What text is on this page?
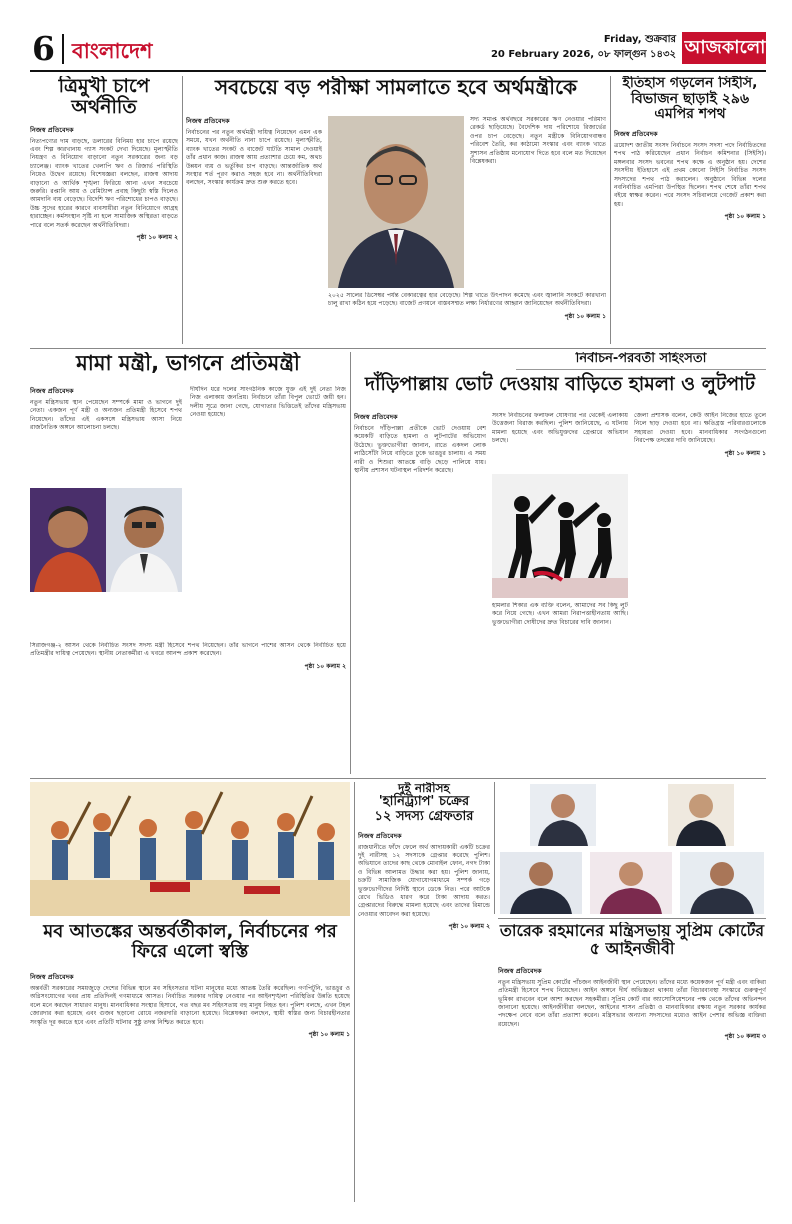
6 বাংলাদেশ	Friday, শুক্রবার
20 February 2026, ০৮ ফাল্গুন ১৪৩২ আজকালো
ত্রিমুখী চাপে অর্থনীতি
নিজস্ব প্রতিবেদক
নিত্যপণ্যের দাম বাড়ছে, ডলারের বিনিময় হার চাপে রয়েছে এবং শিল্প কারখানায় গ্যাস সংকট দেখা দিয়েছে। মূল্যস্ফীতি নিয়ন্ত্রণ ও বিনিয়োগ বাড়ানো নতুন সরকারের জন্য বড় চ্যালেঞ্জ। ব্যাংক খাতের খেলাপি ঋণ ও রিজার্ভ পরিস্থিতি নিয়েও উদ্বেগ রয়েছে। বিশেষজ্ঞরা বলছেন, রাজস্ব আদায় বাড়ানো ও আর্থিক শৃঙ্খলা ফিরিয়ে আনা এখন সবচেয়ে জরুরি। রপ্তানি আয় ও রেমিট্যান্স প্রবাহ কিছুটা স্বস্তি দিলেও আমদানি ব্যয় বেড়েছে। বিদেশি ঋণ পরিশোধের চাপও বাড়ছে। উচ্চ সুদের হারের কারণে ব্যবসায়ীরা নতুন বিনিয়োগে আগ্রহ হারাচ্ছেন। কর্মসংস্থান সৃষ্টি না হলে সামাজিক অস্থিরতা বাড়তে পারে বলে সতর্ক করেছেন অর্থনীতিবিদরা।
পৃষ্ঠা ১০ কলাম ২
সবচেয়ে বড় পরীক্ষা সামলাতে হবে অর্থমন্ত্রীকে
নিজস্ব প্রতিবেদক
নির্বাচনের পর নতুন অর্থমন্ত্রী দায়িত্ব নিয়েছেন এমন এক সময়ে, যখন অর্থনীতি নানা চাপে রয়েছে। মূল্যস্ফীতি, ব্যাংক খাতের সংকট ও বাজেট ঘাটতি সামাল দেওয়াই তাঁর প্রধান কাজ। রাজস্ব আয় প্রত্যাশার চেয়ে কম, অথচ উন্নয়ন ব্যয় ও ভর্তুকির চাপ বাড়ছে। আন্তর্জাতিক অর্থ সংস্থার শর্ত পূরণ করাও সহজ হবে না। অর্থনীতিবিদরা বলছেন, সংস্কার কার্যক্রম দ্রুত শুরু করতে হবে।
সদ্য সমাপ্ত অর্থবছরে সরকারের ঋণ নেওয়ার পরিমাণ রেকর্ড ছাড়িয়েছে। বৈদেশিক দায় পরিশোধে রিজার্ভের ওপর চাপ বেড়েছে। নতুন মন্ত্রীকে বিনিয়োগবান্ধব পরিবেশ তৈরি, কর কাঠামো সংস্কার এবং ব্যাংক খাতে সুশাসন প্রতিষ্ঠায় মনোযোগ দিতে হবে বলে মত দিয়েছেন বিশ্লেষকরা।
২০২৫ সালের ডিসেম্বর পর্যন্ত বেকারত্বের হার বেড়েছে। শিল্প খাতে উৎপাদন কমেছে এবং জ্বালানি সংকটে কারখানা চালু রাখা কঠিন হয়ে পড়েছে। বাজেট প্রণয়নে বাস্তবসম্মত লক্ষ্য নির্ধারণের আহ্বান জানিয়েছেন অর্থনীতিবিদরা।
পৃষ্ঠা ১০ কলাম ১
ইতিহাস গড়লেন সিইসি, বিভাজন ছাড়াই ২৯৬ এমপির শপথ
নিজস্ব প্রতিবেদক
ত্রয়োদশ জাতীয় সংসদ নির্বাচনে সংসদ সদস্য পদে নির্বাচিতদের শপথ পাঠ করিয়েছেন প্রধান নির্বাচন কমিশনার (সিইসি)। মঙ্গলবার সংসদ ভবনের শপথ কক্ষে এ অনুষ্ঠান হয়। দেশের সংসদীয় ইতিহাসে এই প্রথম কোনো সিইসি নির্বাচিত সংসদ সদস্যদের শপথ পাঠ করালেন। অনুষ্ঠানে বিভিন্ন দলের নবনির্বাচিত এমপিরা উপস্থিত ছিলেন। শপথ শেষে তাঁরা শপথ বইয়ে স্বাক্ষর করেন। পরে সংসদ সচিবালয়ে গেজেট প্রকাশ করা হয়।
পৃষ্ঠা ১০ কলাম ১
মামা মন্ত্রী, ভাগনে প্রতিমন্ত্রী
নিজস্ব প্রতিবেদক
নতুন মন্ত্রিসভায় স্থান পেয়েছেন সম্পর্কে মামা ও ভাগনে দুই নেতা। একজন পূর্ণ মন্ত্রী ও অন্যজন প্রতিমন্ত্রী হিসেবে শপথ নিয়েছেন। তাঁদের এই একসঙ্গে মন্ত্রিসভায় আসা নিয়ে রাজনৈতিক অঙ্গনে আলোচনা চলছে।
দীর্ঘদিন ধরে দলের সাংগঠনিক কাজে যুক্ত এই দুই নেতা নিজ নিজ এলাকায় জনপ্রিয়। নির্বাচনে তাঁরা বিপুল ভোটে জয়ী হন। দলীয় সূত্রে জানা গেছে, যোগ্যতার ভিত্তিতেই তাঁদের মন্ত্রিসভায় নেওয়া হয়েছে।
সিরাজগঞ্জ-২ আসন থেকে নির্বাচিত সংসদ সদস্য মন্ত্রী হিসেবে শপথ নিয়েছেন। তাঁর ভাগনে পাশের আসন থেকে নির্বাচিত হয়ে প্রতিমন্ত্রীর দায়িত্ব পেয়েছেন। স্থানীয় নেতাকর্মীরা এ খবরে আনন্দ প্রকাশ করেছেন।
পৃষ্ঠা ১০ কলাম ২
নির্বাচন-পরবর্তী সহিংসতা
দাঁড়িপাল্লায় ভোট দেওয়ায় বাড়িতে হামলা ও লুটপাট
নিজস্ব প্রতিবেদক
নির্বাচনে দাঁড়িপাল্লা প্রতীকে ভোট দেওয়ায় বেশ কয়েকটি বাড়িতে হামলা ও লুটপাটের অভিযোগ উঠেছে। ভুক্তভোগীরা জানান, রাতে একদল লোক লাঠিসোঁটা নিয়ে বাড়িতে ঢুকে ভাঙচুর চালায়। এ সময় নারী ও শিশুরা আতঙ্কে বাড়ি ছেড়ে পালিয়ে যায়। স্থানীয় প্রশাসন ঘটনাস্থল পরিদর্শন করেছে।
সংসদ নির্বাচনের ফলাফল ঘোষণার পর থেকেই এলাকায় উত্তেজনা বিরাজ করছিল। পুলিশ জানিয়েছে, এ ঘটনায় মামলা হয়েছে এবং অভিযুক্তদের গ্রেপ্তারে অভিযান চলছে।
হামলার শিকার এক ব্যক্তি বলেন, আমাদের সব কিছু লুট করে নিয়ে গেছে। এখন আমরা নিরাপত্তাহীনতায় আছি। ভুক্তভোগীরা দোষীদের দ্রুত বিচারের দাবি জানান।
জেলা প্রশাসক বলেন, কেউ আইন নিজের হাতে তুলে নিলে ছাড় দেওয়া হবে না। ক্ষতিগ্রস্ত পরিবারগুলোকে সহায়তা দেওয়া হবে। মানবাধিকার সংগঠনগুলো নিরপেক্ষ তদন্তের দাবি জানিয়েছে।
পৃষ্ঠা ১০ কলাম ১
মব আতঙ্কের অন্তর্বর্তীকাল, নির্বাচনের পর ফিরে এলো স্বস্তি
নিজস্ব প্রতিবেদক
অন্তর্বর্তী সরকারের সময়জুড়ে দেশের বিভিন্ন স্থানে মব সহিংসতার ঘটনা মানুষের মধ্যে আতঙ্ক তৈরি করেছিল। গণপিটুনি, ভাঙচুর ও অগ্নিসংযোগের খবর প্রায় প্রতিদিনই গণমাধ্যমে আসত। নির্বাচিত সরকার দায়িত্ব নেওয়ার পর আইনশৃঙ্খলা পরিস্থিতির উন্নতি হয়েছে বলে মনে করছেন সাধারণ মানুষ। মানবাধিকার সংস্থার হিসাবে, গত বছর মব সহিংসতায় বহু মানুষ নিহত হন। পুলিশ বলছে, এখন টহল জোরদার করা হয়েছে এবং গুজব ছড়ানো রোধে নজরদারি বাড়ানো হয়েছে। বিশ্লেষকরা বলছেন, স্থায়ী স্বস্তির জন্য বিচারহীনতার সংস্কৃতি দূর করতে হবে এবং প্রতিটি ঘটনার সুষ্ঠু তদন্ত নিশ্চিত করতে হবে।
পৃষ্ঠা ১০ কলাম ১
দুই নারীসহ
'হানিট্র্যাপ' চক্রের
১২ সদস্য গ্রেফতার
নিজস্ব প্রতিবেদক
রাজধানীতে ফাঁদে ফেলে অর্থ আদায়কারী একটি চক্রের দুই নারীসহ ১২ সদস্যকে গ্রেপ্তার করেছে পুলিশ। অভিযানে তাদের কাছ থেকে মোবাইল ফোন, নগদ টাকা ও বিভিন্ন আলামত উদ্ধার করা হয়। পুলিশ জানায়, চক্রটি সামাজিক যোগাযোগমাধ্যমে সম্পর্ক গড়ে ভুক্তভোগীদের নির্দিষ্ট স্থানে ডেকে নিত। পরে আটকে রেখে ভিডিও ধারণ করে টাকা আদায় করত। গ্রেপ্তারদের বিরুদ্ধে মামলা হয়েছে এবং তাদের রিমান্ডে নেওয়ার আবেদন করা হয়েছে।
পৃষ্ঠা ১০ কলাম ২ তারেক রহমানের মন্ত্রিসভায় সুপ্রিম কোর্টের ৫ আইনজীবী
নিজস্ব প্রতিবেদক
নতুন মন্ত্রিসভায় সুপ্রিম কোর্টের পাঁচজন আইনজীবী স্থান পেয়েছেন। তাঁদের মধ্যে কয়েকজন পূর্ণ মন্ত্রী এবং বাকিরা প্রতিমন্ত্রী হিসেবে শপথ নিয়েছেন। আইন অঙ্গনে দীর্ঘ অভিজ্ঞতা থাকায় তাঁরা বিচারব্যবস্থা সংস্কারে গুরুত্বপূর্ণ ভূমিকা রাখবেন বলে আশা করছেন সহকর্মীরা। সুপ্রিম কোর্ট বার অ্যাসোসিয়েশনের পক্ষ থেকে তাঁদের অভিনন্দন জানানো হয়েছে। আইনজীবীরা বলছেন, আইনের শাসন প্রতিষ্ঠা ও মানবাধিকার রক্ষায় নতুন সরকার কার্যকর পদক্ষেপ নেবে বলে তাঁরা প্রত্যাশা করেন। মন্ত্রিসভার অন্যান্য সদস্যদের মধ্যেও আইন পেশার অভিজ্ঞ ব্যক্তিরা রয়েছেন।
পৃষ্ঠা ১০ কলাম ৩
